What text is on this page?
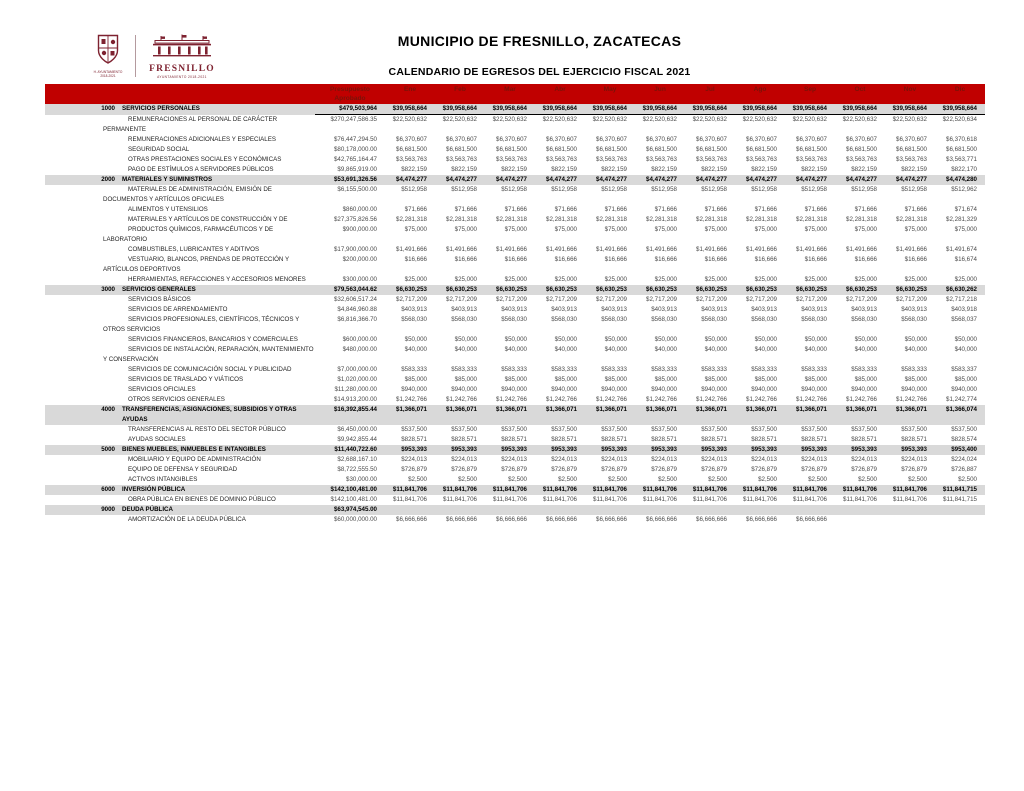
H. AYUNTAMIENTO
2018-2021
FRESNILLO
AYUNTAMIENTO 2018-2021
MUNICIPIO DE FRESNILLO, ZACATECAS
CALENDARIO DE EGRESOS DEL EJERCICIO FISCAL 2021
	Presupuesto Aprobado	Ene	Feb	Mar	Abr	May	Jun	Jul	Ago	Sep	Oct	Nov	Dic

1000 SERVICIOS PERSONALES	$479,503,964	$39,958,664	$39,958,664	$39,958,664	$39,958,664	$39,958,664	$39,958,664	$39,958,664	$39,958,664	$39,958,664	$39,958,664	$39,958,664	$39,958,664
REMUNERACIONES AL PERSONAL DE CARÁCTER PERMANENTE	$270,247,586.35	$22,520,632	$22,520,632	$22,520,632	$22,520,632	$22,520,632	$22,520,632	$22,520,632	$22,520,632	$22,520,632	$22,520,632	$22,520,632	$22,520,634
REMUNERACIONES ADICIONALES Y ESPECIALES	$76,447,294.50	$6,370,607	$6,370,607	$6,370,607	$6,370,607	$6,370,607	$6,370,607	$6,370,607	$6,370,607	$6,370,607	$6,370,607	$6,370,607	$6,370,618
SEGURIDAD SOCIAL	$80,178,000.00	$6,681,500	$6,681,500	$6,681,500	$6,681,500	$6,681,500	$6,681,500	$6,681,500	$6,681,500	$6,681,500	$6,681,500	$6,681,500	$6,681,500
OTRAS PRESTACIONES SOCIALES Y ECONÓMICAS	$42,765,164.47	$3,563,763	$3,563,763	$3,563,763	$3,563,763	$3,563,763	$3,563,763	$3,563,763	$3,563,763	$3,563,763	$3,563,763	$3,563,763	$3,563,771
PAGO DE ESTÍMULOS A SERVIDORES PÚBLICOS	$9,865,919.00	$822,159	$822,159	$822,159	$822,159	$822,159	$822,159	$822,159	$822,159	$822,159	$822,159	$822,159	$822,170

2000 MATERIALES Y SUMINISTROS	$53,691,326.56	$4,474,277	$4,474,277	$4,474,277	$4,474,277	$4,474,277	$4,474,277	$4,474,277	$4,474,277	$4,474,277	$4,474,277	$4,474,277	$4,474,280
MATERIALES DE ADMINISTRACIÓN, EMISIÓN DE DOCUMENTOS Y ARTÍCULOS OFICIALES	$6,155,500.00	$512,958	$512,958	$512,958	$512,958	$512,958	$512,958	$512,958	$512,958	$512,958	$512,958	$512,958	$512,962
ALIMENTOS Y UTENSILIOS	$860,000.00	$71,666	$71,666	$71,666	$71,666	$71,666	$71,666	$71,666	$71,666	$71,666	$71,666	$71,666	$71,674
MATERIALES Y ARTÍCULOS DE CONSTRUCCIÓN Y DE	$27,375,826.56	$2,281,318	$2,281,318	$2,281,318	$2,281,318	$2,281,318	$2,281,318	$2,281,318	$2,281,318	$2,281,318	$2,281,318	$2,281,318	$2,281,329
PRODUCTOS QUÍMICOS, FARMACÉUTICOS Y DE LABORATORIO	$900,000.00	$75,000	$75,000	$75,000	$75,000	$75,000	$75,000	$75,000	$75,000	$75,000	$75,000	$75,000	$75,000
COMBUSTIBLES, LUBRICANTES Y ADITIVOS	$17,900,000.00	$1,491,666	$1,491,666	$1,491,666	$1,491,666	$1,491,666	$1,491,666	$1,491,666	$1,491,666	$1,491,666	$1,491,666	$1,491,666	$1,491,674
VESTUARIO, BLANCOS, PRENDAS DE PROTECCIÓN Y ARTÍCULOS DEPORTIVOS	$200,000.00	$16,666	$16,666	$16,666	$16,666	$16,666	$16,666	$16,666	$16,666	$16,666	$16,666	$16,666	$16,674
HERRAMIENTAS, REFACCIONES Y ACCESORIOS MENORES	$300,000.00	$25,000	$25,000	$25,000	$25,000	$25,000	$25,000	$25,000	$25,000	$25,000	$25,000	$25,000	$25,000

3000 SERVICIOS GENERALES	$79,563,044.62	$6,630,253	$6,630,253	$6,630,253	$6,630,253	$6,630,253	$6,630,253	$6,630,253	$6,630,253	$6,630,253	$6,630,253	$6,630,253	$6,630,262
SERVICIOS BÁSICOS	$32,606,517.24	$2,717,209	$2,717,209	$2,717,209	$2,717,209	$2,717,209	$2,717,209	$2,717,209	$2,717,209	$2,717,209	$2,717,209	$2,717,209	$2,717,218
SERVICIOS DE ARRENDAMIENTO	$4,846,960.88	$403,913	$403,913	$403,913	$403,913	$403,913	$403,913	$403,913	$403,913	$403,913	$403,913	$403,913	$403,918
SERVICIOS PROFESIONALES, CIENTÍFICOS, TÉCNICOS Y OTROS SERVICIOS	$6,816,366.70	$568,030	$568,030	$568,030	$568,030	$568,030	$568,030	$568,030	$568,030	$568,030	$568,030	$568,030	$568,037
SERVICIOS FINANCIEROS, BANCARIOS Y COMERCIALES	$600,000.00	$50,000	$50,000	$50,000	$50,000	$50,000	$50,000	$50,000	$50,000	$50,000	$50,000	$50,000	$50,000
SERVICIOS DE INSTALACIÓN, REPARACIÓN, MANTENIMIENTO Y CONSERVACIÓN	$480,000.00	$40,000	$40,000	$40,000	$40,000	$40,000	$40,000	$40,000	$40,000	$40,000	$40,000	$40,000	$40,000
SERVICIOS DE COMUNICACIÓN SOCIAL Y PUBLICIDAD	$7,000,000.00	$583,333	$583,333	$583,333	$583,333	$583,333	$583,333	$583,333	$583,333	$583,333	$583,333	$583,333	$583,337
SERVICIOS DE TRASLADO Y VIÁTICOS	$1,020,000.00	$85,000	$85,000	$85,000	$85,000	$85,000	$85,000	$85,000	$85,000	$85,000	$85,000	$85,000	$85,000
SERVICIOS OFICIALES	$11,280,000.00	$940,000	$940,000	$940,000	$940,000	$940,000	$940,000	$940,000	$940,000	$940,000	$940,000	$940,000	$940,000
OTROS SERVICIOS GENERALES	$14,913,200.00	$1,242,766	$1,242,766	$1,242,766	$1,242,766	$1,242,766	$1,242,766	$1,242,766	$1,242,766	$1,242,766	$1,242,766	$1,242,766	$1,242,774

4000 TRANSFERENCIAS, ASIGNACIONES, SUBSIDIOS Y OTRAS AYUDAS	$16,392,855.44	$1,366,071	$1,366,071	$1,366,071	$1,366,071	$1,366,071	$1,366,071	$1,366,071	$1,366,071	$1,366,071	$1,366,071	$1,366,071	$1,366,074
TRANSFERENCIAS AL RESTO DEL SECTOR PÚBLICO	$6,450,000.00	$537,500	$537,500	$537,500	$537,500	$537,500	$537,500	$537,500	$537,500	$537,500	$537,500	$537,500	$537,500
AYUDAS SOCIALES	$9,942,855.44	$828,571	$828,571	$828,571	$828,571	$828,571	$828,571	$828,571	$828,571	$828,571	$828,571	$828,571	$828,574

5000 BIENES MUEBLES, INMUEBLES E INTANGIBLES	$11,440,722.60	$953,393	$953,393	$953,393	$953,393	$953,393	$953,393	$953,393	$953,393	$953,393	$953,393	$953,393	$953,400
MOBILIARIO Y EQUIPO DE ADMINISTRACIÓN	$2,688,167.10	$224,013	$224,013	$224,013	$224,013	$224,013	$224,013	$224,013	$224,013	$224,013	$224,013	$224,013	$224,024
EQUIPO DE DEFENSA Y SEGURIDAD	$8,722,555.50	$726,879	$726,879	$726,879	$726,879	$726,879	$726,879	$726,879	$726,879	$726,879	$726,879	$726,879	$726,887
ACTIVOS INTANGIBLES	$30,000.00	$2,500	$2,500	$2,500	$2,500	$2,500	$2,500	$2,500	$2,500	$2,500	$2,500	$2,500	$2,500

6000 INVERSIÓN PÚBLICA	$142,100,481.00	$11,841,706	$11,841,706	$11,841,706	$11,841,706	$11,841,706	$11,841,706	$11,841,706	$11,841,706	$11,841,706	$11,841,706	$11,841,706	$11,841,715
OBRA PÚBLICA EN BIENES DE DOMINIO PÚBLICO	$142,100,481.00	$11,841,706	$11,841,706	$11,841,706	$11,841,706	$11,841,706	$11,841,706	$11,841,706	$11,841,706	$11,841,706	$11,841,706	$11,841,706	$11,841,715

9000 DEUDA PÚBLICA	$63,974,545.00												
AMORTIZACIÓN DE LA DEUDA PÚBLICA	$60,000,000.00	$6,666,666	$6,666,666	$6,666,666	$6,666,666	$6,666,666	$6,666,666	$6,666,666	$6,666,666	$6,666,666			
